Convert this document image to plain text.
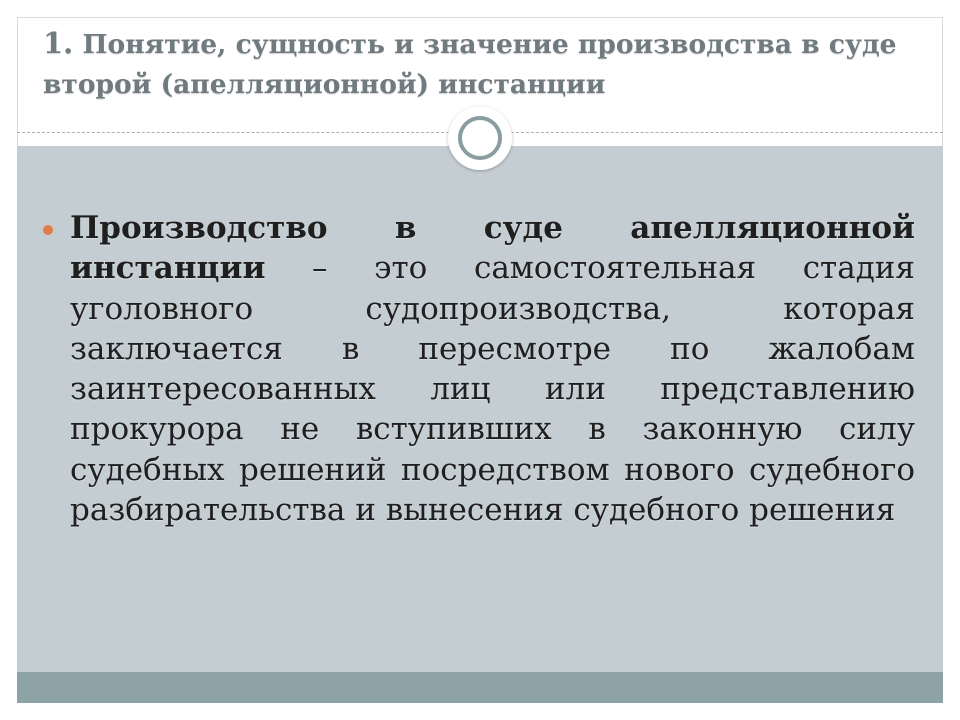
1. Понятие, сущность и значение производства в суде второй (апелляционной) инстанции

Производство в суде апелляционной инстанции – это самостоятельная стадия уголовного судопроизводства, которая заключается в пересмотре по жалобам заинтересованных лиц или представлению прокурора не вступивших в законную силу судебных решений посредством нового судебного разбирательства и вынесения судебного решения
